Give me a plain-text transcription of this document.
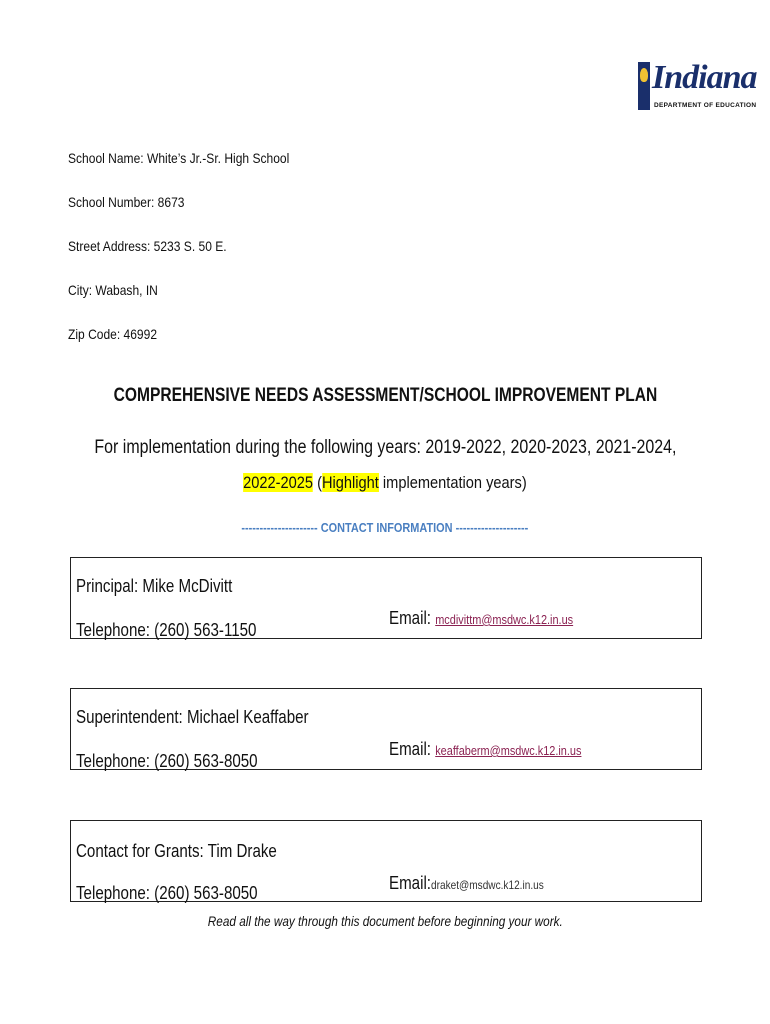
Indiana
DEPARTMENT OF EDUCATION
School Name: White’s Jr.-Sr. High School
School Number: 8673
Street Address: 5233 S. 50 E.
City: Wabash, IN
Zip Code: 46992
COMPREHENSIVE NEEDS ASSESSMENT/SCHOOL IMPROVEMENT PLAN
For implementation during the following years: 2019-2022, 2020-2023, 2021-2024,
2022-2025 (Highlight implementation years)
--------------------- CONTACT INFORMATION --------------------
Principal: Mike McDivitt
Email: mcdivittm@msdwc.k12.in.us
Telephone: (260) 563-1150
Superintendent: Michael Keaffaber
Email: keaffaberm@msdwc.k12.in.us
Telephone: (260) 563-8050
Contact for Grants: Tim Drake
Email:draket@msdwc.k12.in.us
Telephone: (260) 563-8050
Read all the way through this document before beginning your work.
